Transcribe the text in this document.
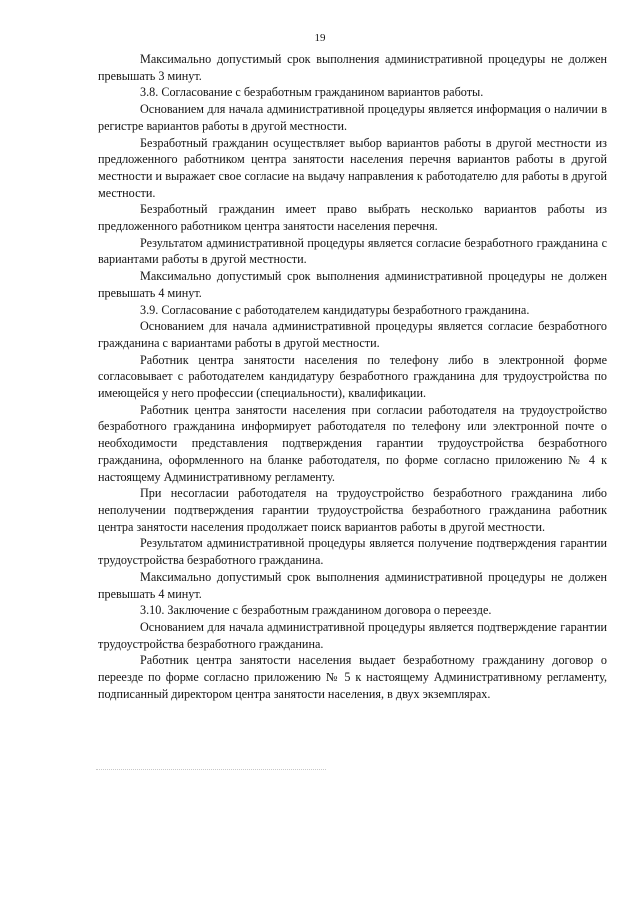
19

Максимально допустимый срок выполнения административной процедуры не должен превышать 3 минут.

3.8. Согласование с безработным гражданином вариантов работы.

Основанием для начала административной процедуры является информация о наличии в регистре вариантов работы в другой местности.

Безработный гражданин осуществляет выбор вариантов работы в другой местности из предложенного работником центра занятости населения перечня вариантов работы в другой местности и выражает свое согласие на выдачу направления к работодателю для работы в другой местности.

Безработный гражданин имеет право выбрать несколько вариантов работы из предложенного работником центра занятости населения перечня.

Результатом административной процедуры является согласие безработного гражданина с вариантами работы в другой местности.

Максимально допустимый срок выполнения административной процедуры не должен превышать 4 минут.

3.9. Согласование с работодателем кандидатуры безработного гражданина.

Основанием для начала административной процедуры является согласие безработного гражданина с вариантами работы в другой местности.

Работник центра занятости населения по телефону либо в электронной форме согласовывает с работодателем кандидатуру безработного гражданина для трудоустройства по имеющейся у него профессии (специальности), квалификации.

Работник центра занятости населения при согласии работодателя на трудоустройство безработного гражданина информирует работодателя по телефону или электронной почте о необходимости представления подтверждения гарантии трудоустройства безработного гражданина, оформленного на бланке работодателя, по форме согласно приложению № 4 к настоящему Административному регламенту.

При несогласии работодателя на трудоустройство безработного гражданина либо неполучении подтверждения гарантии трудоустройства безработного гражданина работник центра занятости населения продолжает поиск вариантов работы в другой местности.

Результатом административной процедуры является получение подтверждения гарантии трудоустройства безработного гражданина.

Максимально допустимый срок выполнения административной процедуры не должен превышать 4 минут.

3.10. Заключение с безработным гражданином договора о переезде.

Основанием для начала административной процедуры является подтверждение гарантии трудоустройства безработного гражданина.

Работник центра занятости населения выдает безработному гражданину договор о переезде по форме согласно приложению № 5 к настоящему Административному регламенту, подписанный директором центра занятости населения, в двух экземплярах.
